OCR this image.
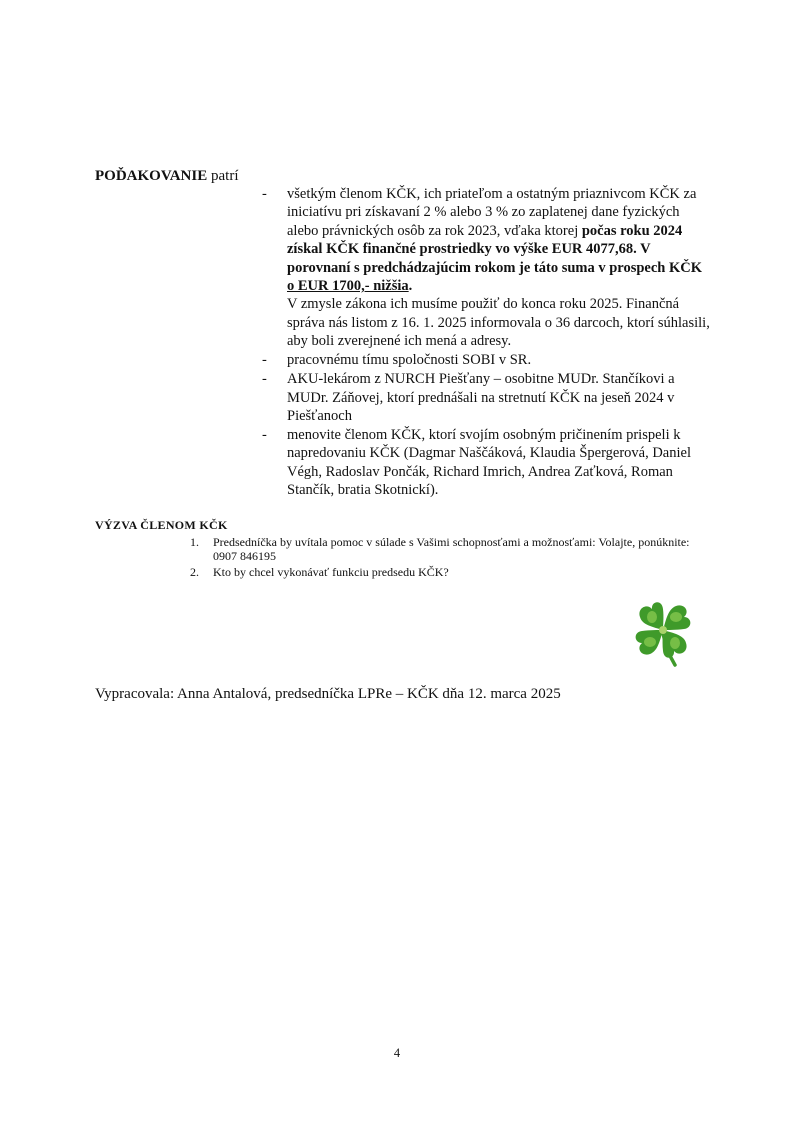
POĎAKOVANIE patrí
- všetkým členom KČK, ich priateľom a ostatným priaznivcom KČK za iniciatívu pri získavaní 2 % alebo 3 % zo zaplatenej dane fyzických alebo právnických osôb za rok 2023, vďaka ktorej počas roku 2024 získal KČK finančné prostriedky vo výške EUR 4077,68. V porovnaní s predchádzajúcim rokom je táto suma v prospech KČK o EUR 1700,- nižšia.
V zmysle zákona ich musíme použiť do konca roku 2025. Finančná správa nás listom z 16. 1. 2025 informovala o 36 darcoch, ktorí súhlasili, aby boli zverejnené ich mená a adresy.
- pracovnému tímu spoločnosti SOBI v SR.
- AKU-lekárom z NURCH Piešťany – osobitne MUDr. Stančíkovi a MUDr. Záňovej, ktorí prednášali na stretnutí KČK na jeseň 2024 v Piešťanoch
- menovite členom KČK, ktorí svojím osobným pričinením prispeli k napredovaniu KČK (Dagmar Naščáková, Klaudia Špergerová, Daniel Végh, Radoslav Pončák, Richard Imrich, Andrea Zaťková, Roman Stančík, bratia Skotnickí).
VÝZVA ČLENOM KČK
1. Predsedníčka by uvítala pomoc v súlade s Vašimi schopnosťami a možnosťami: Volajte, ponúknite: 0907 846195
2. Kto by chcel vykonávať funkciu predsedu KČK?
Vypracovala: Anna Antalová, predsedníčka LPRe – KČK dňa 12. marca 2025
4
